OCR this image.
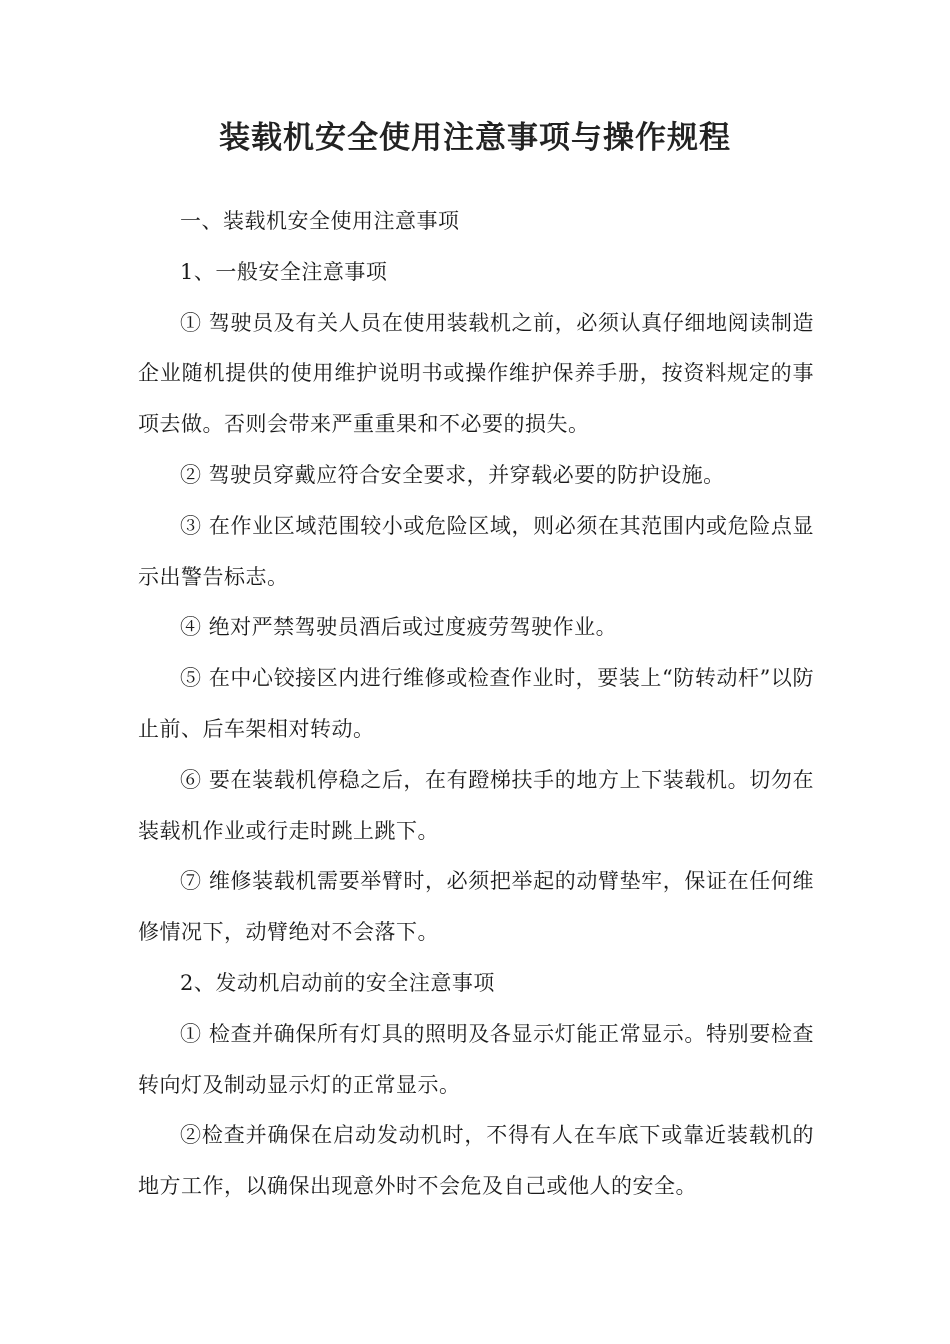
装载机安全使用注意事项与操作规程

一、装载机安全使用注意事项

1、一般安全注意事项

① 驾驶员及有关人员在使用装载机之前，必须认真仔细地阅读制造企业随机提供的使用维护说明书或操作维护保养手册，按资料规定的事项去做。否则会带来严重重果和不必要的损失。

② 驾驶员穿戴应符合安全要求，并穿载必要的防护设施。

③ 在作业区域范围较小或危险区域，则必须在其范围内或危险点显示出警告标志。

④ 绝对严禁驾驶员酒后或过度疲劳驾驶作业。

⑤ 在中心铰接区内进行维修或检查作业时，要装上“防转动杆”以防止前、后车架相对转动。

⑥ 要在装载机停稳之后，在有蹬梯扶手的地方上下装载机。切勿在装载机作业或行走时跳上跳下。

⑦ 维修装载机需要举臂时，必须把举起的动臂垫牢，保证在任何维修情况下，动臂绝对不会落下。

2、发动机启动前的安全注意事项

① 检查并确保所有灯具的照明及各显示灯能正常显示。特别要检查转向灯及制动显示灯的正常显示。

②检查并确保在启动发动机时，不得有人在车底下或靠近装载机的地方工作，以确保出现意外时不会危及自己或他人的安全。
